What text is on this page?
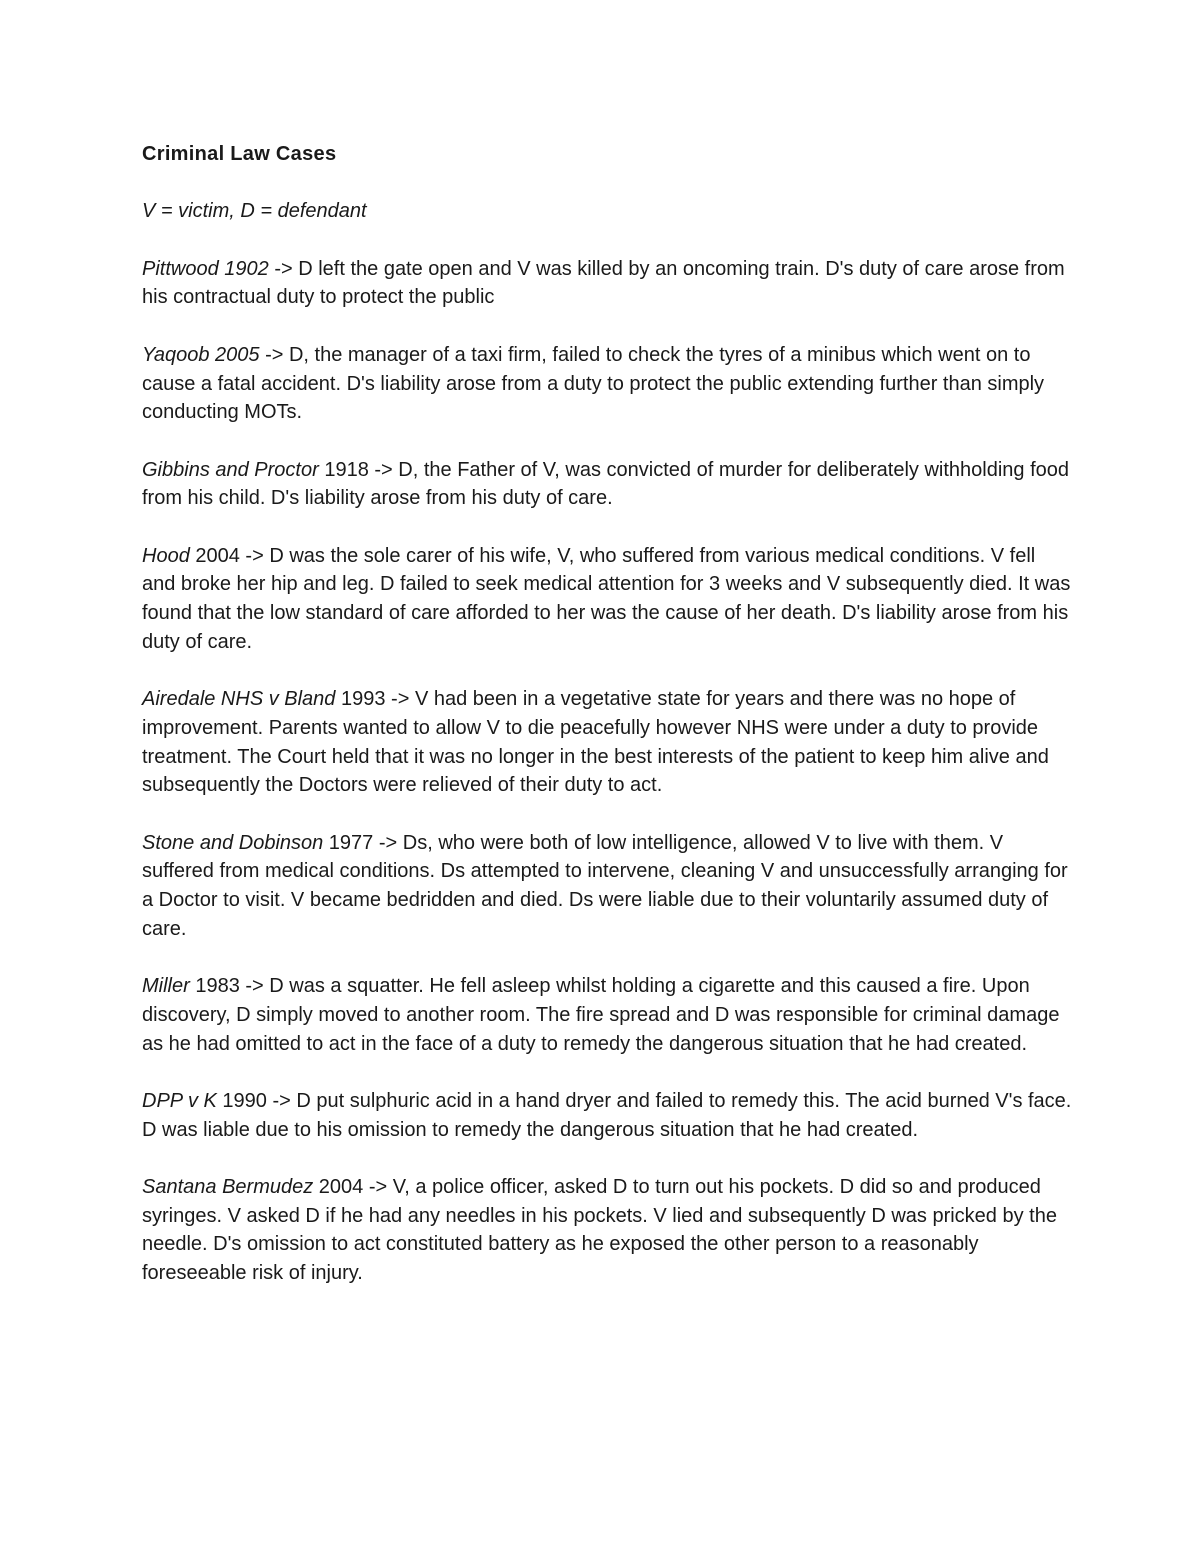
Criminal Law Cases
V = victim, D = defendant

Pittwood 1902 -> D left the gate open and V was killed by an oncoming train. D's duty of care arose from his contractual duty to protect the public

Yaqoob 2005 -> D, the manager of a taxi firm, failed to check the tyres of a minibus which went on to cause a fatal accident. D's liability arose from a duty to protect the public extending further than simply conducting MOTs.

Gibbins and Proctor 1918 -> D, the Father of V, was convicted of murder for deliberately withholding food from his child. D's liability arose from his duty of care.

Hood 2004 -> D was the sole carer of his wife, V, who suffered from various medical conditions. V fell and broke her hip and leg. D failed to seek medical attention for 3 weeks and V subsequently died. It was found that the low standard of care afforded to her was the cause of her death. D's liability arose from his duty of care.

Airedale NHS v Bland 1993 -> V had been in a vegetative state for years and there was no hope of improvement. Parents wanted to allow V to die peacefully however NHS were under a duty to provide treatment. The Court held that it was no longer in the best interests of the patient to keep him alive and subsequently the Doctors were relieved of their duty to act.

Stone and Dobinson 1977 -> Ds, who were both of low intelligence, allowed V to live with them. V suffered from medical conditions. Ds attempted to intervene, cleaning V and unsuccessfully arranging for a Doctor to visit. V became bedridden and died. Ds were liable due to their voluntarily assumed duty of care.

Miller 1983 -> D was a squatter. He fell asleep whilst holding a cigarette and this caused a fire. Upon discovery, D simply moved to another room. The fire spread and D was responsible for criminal damage as he had omitted to act in the face of a duty to remedy the dangerous situation that he had created.

DPP v K 1990 -> D put sulphuric acid in a hand dryer and failed to remedy this. The acid burned V's face. D was liable due to his omission to remedy the dangerous situation that he had created.

Santana Bermudez 2004 -> V, a police officer, asked D to turn out his pockets. D did so and produced syringes. V asked D if he had any needles in his pockets. V lied and subsequently D was pricked by the needle. D's omission to act constituted battery as he exposed the other person to a reasonably foreseeable risk of injury.
